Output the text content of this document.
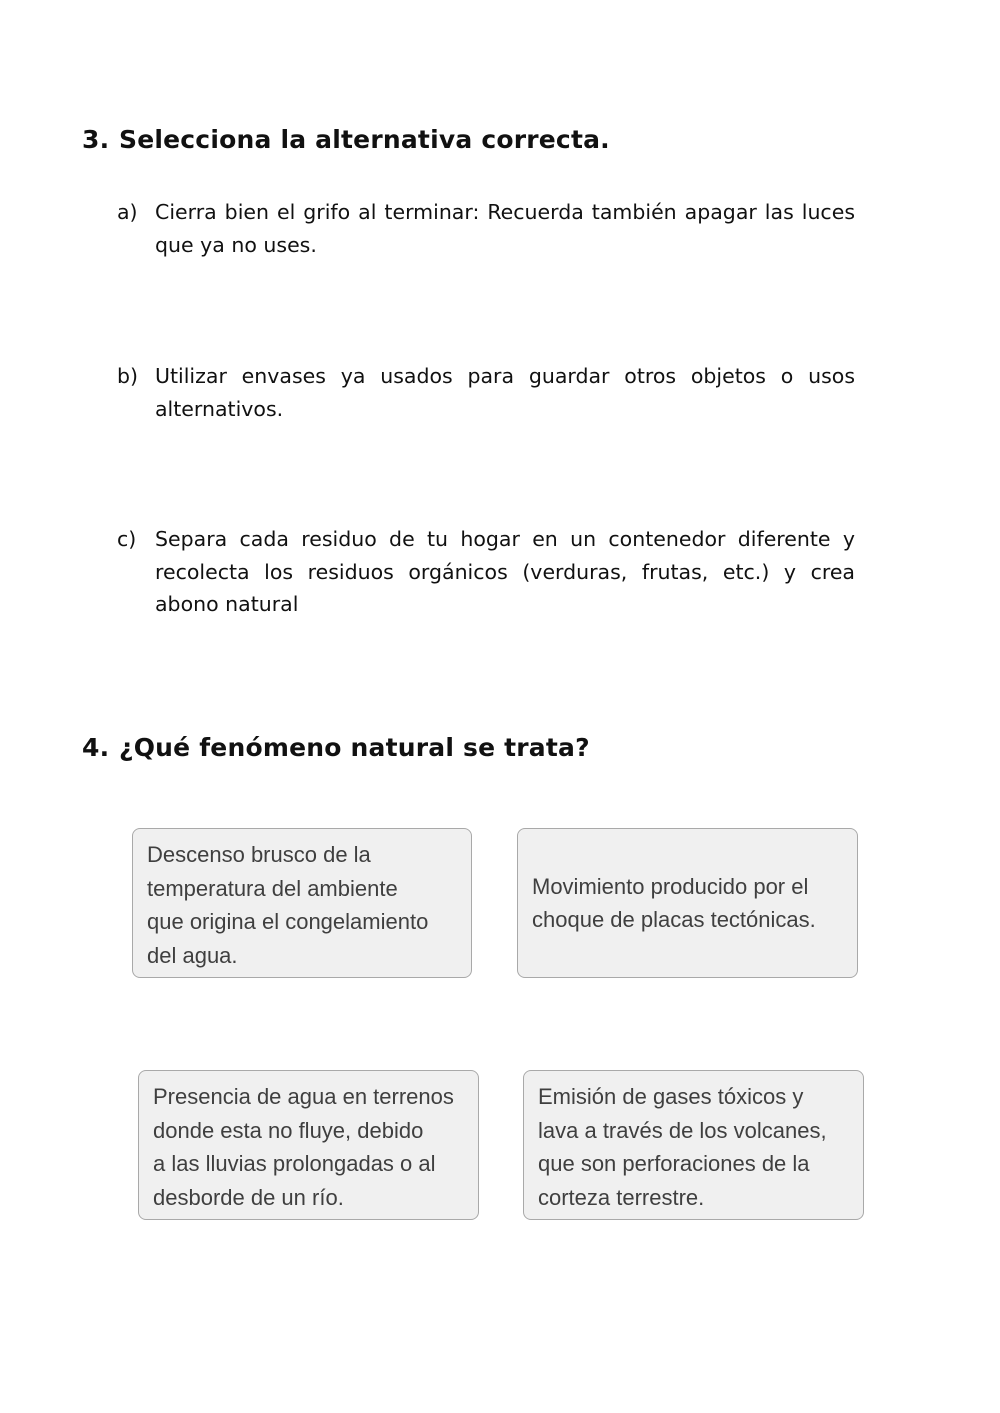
3. Selecciona la alternativa correcta.
a) Cierra bien el grifo al terminar: Recuerda también apagar las luces que ya no uses.
b) Utilizar envases ya usados para guardar otros objetos o usos alternativos.
c) Separa cada residuo de tu hogar en un contenedor diferente y recolecta los residuos orgánicos (verduras, frutas, etc.) y crea abono natural
4. ¿Qué fenómeno natural se trata?
Descenso brusco de la
temperatura del ambiente
que origina el congelamiento
del agua.
Movimiento producido por el
choque de placas tectónicas.
Presencia de agua en terrenos
donde esta no fluye, debido
a las lluvias prolongadas o al
desborde de un río.
Emisión de gases tóxicos y
lava a través de los volcanes,
que son perforaciones de la
corteza terrestre.
